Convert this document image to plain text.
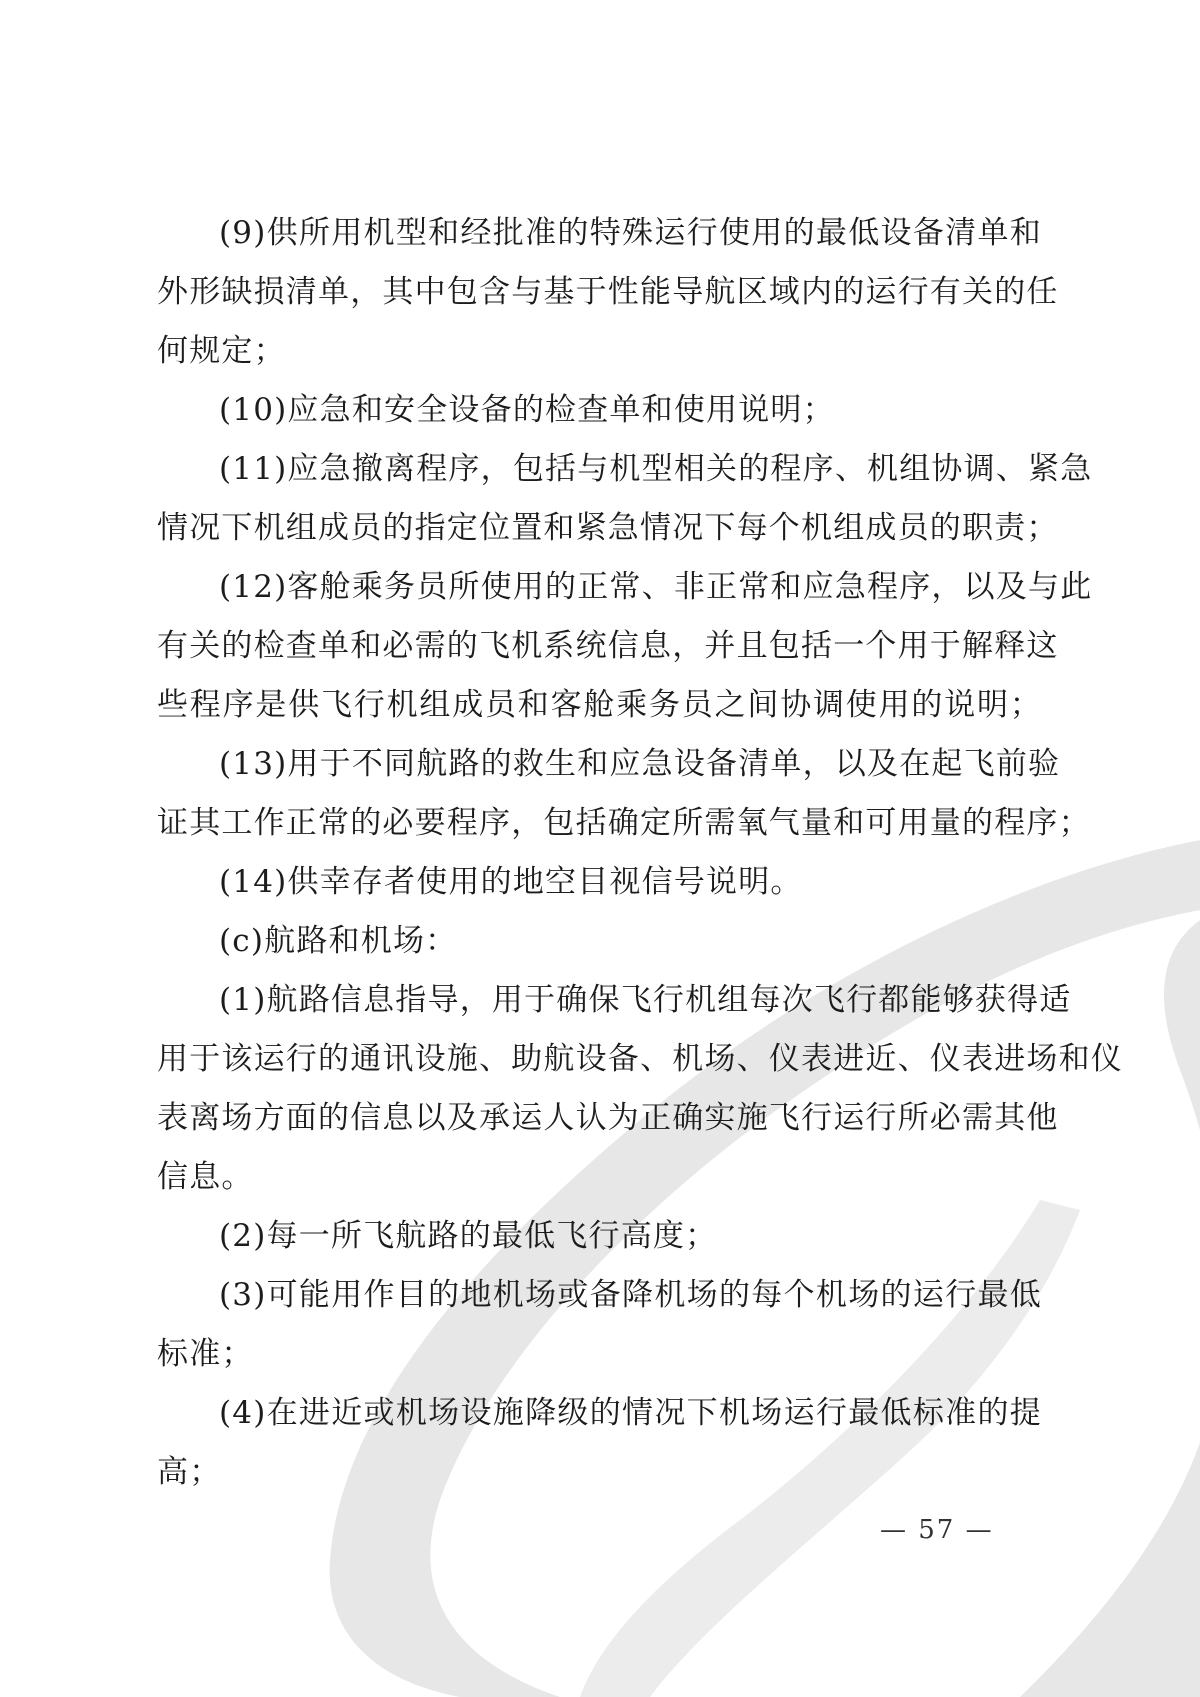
(9)供所用机型和经批准的特殊运行使用的最低设备清单和
外形缺损清单，其中包含与基于性能导航区域内的运行有关的任
何规定；
(10)应急和安全设备的检查单和使用说明；
(11)应急撤离程序，包括与机型相关的程序、机组协调、紧急
情况下机组成员的指定位置和紧急情况下每个机组成员的职责；
(12)客舱乘务员所使用的正常、非正常和应急程序，以及与此
有关的检查单和必需的飞机系统信息，并且包括一个用于解释这
些程序是供飞行机组成员和客舱乘务员之间协调使用的说明；
(13)用于不同航路的救生和应急设备清单，以及在起飞前验
证其工作正常的必要程序，包括确定所需氧气量和可用量的程序；
(14)供幸存者使用的地空目视信号说明。
(c)航路和机场：
(1)航路信息指导，用于确保飞行机组每次飞行都能够获得适
用于该运行的通讯设施、助航设备、机场、仪表进近、仪表进场和仪
表离场方面的信息以及承运人认为正确实施飞行运行所必需其他
信息。
(2)每一所飞航路的最低飞行高度；
(3)可能用作目的地机场或备降机场的每个机场的运行最低
标准；
(4)在进近或机场设施降级的情况下机场运行最低标准的提
高；
— 57 —
